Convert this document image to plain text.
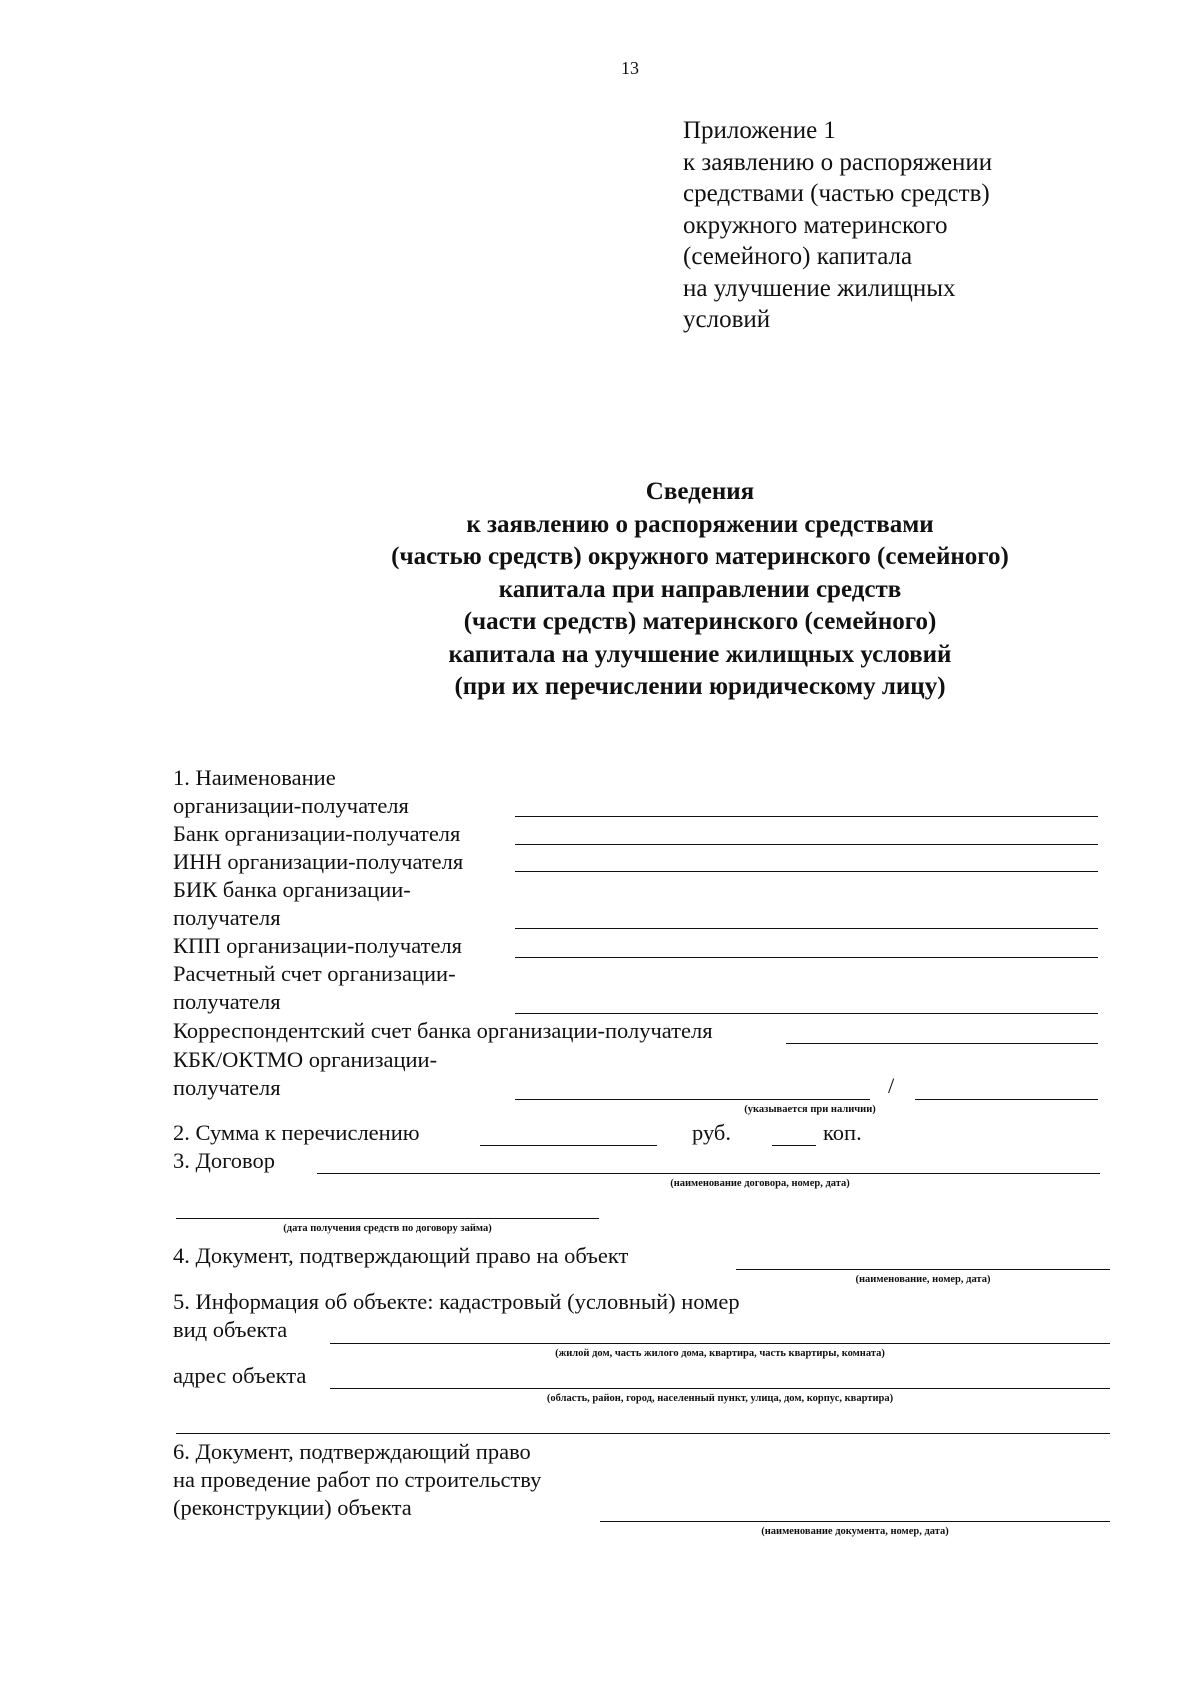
13
Приложение 1
к заявлению о распоряжении
средствами (частью средств)
окружного материнского
(семейного) капитала
на улучшение жилищных
условий
Сведения
к заявлению о распоряжении средствами
(частью средств) окружного материнского (семейного)
капитала при направлении средств
(части средств) материнского (семейного)
капитала на улучшение жилищных условий
(при их перечислении юридическому лицу)
1. Наименование
организации-получателя
Банк организации-получателя
ИНН организации-получателя
БИК банка организации-
получателя
КПП организации-получателя
Расчетный счет организации-
получателя
Корреспондентский счет банка организации-получателя
КБК/ОКТМО организации-
получателя	/
(указывается при наличии)
2. Сумма к перечислению	руб.	коп.
3. Договор
(наименование договора, номер, дата)
(дата получения средств по договору займа)
4. Документ, подтверждающий право на объект
(наименование, номер, дата)
5. Информация об объекте: кадастровый (условный) номер
вид объекта
(жилой дом, часть жилого дома, квартира, часть квартиры, комната)
адрес объекта
(область, район, город, населенный пункт, улица, дом, корпус, квартира)
6. Документ, подтверждающий право
на проведение работ по строительству
(реконструкции) объекта
(наименование документа, номер, дата)
